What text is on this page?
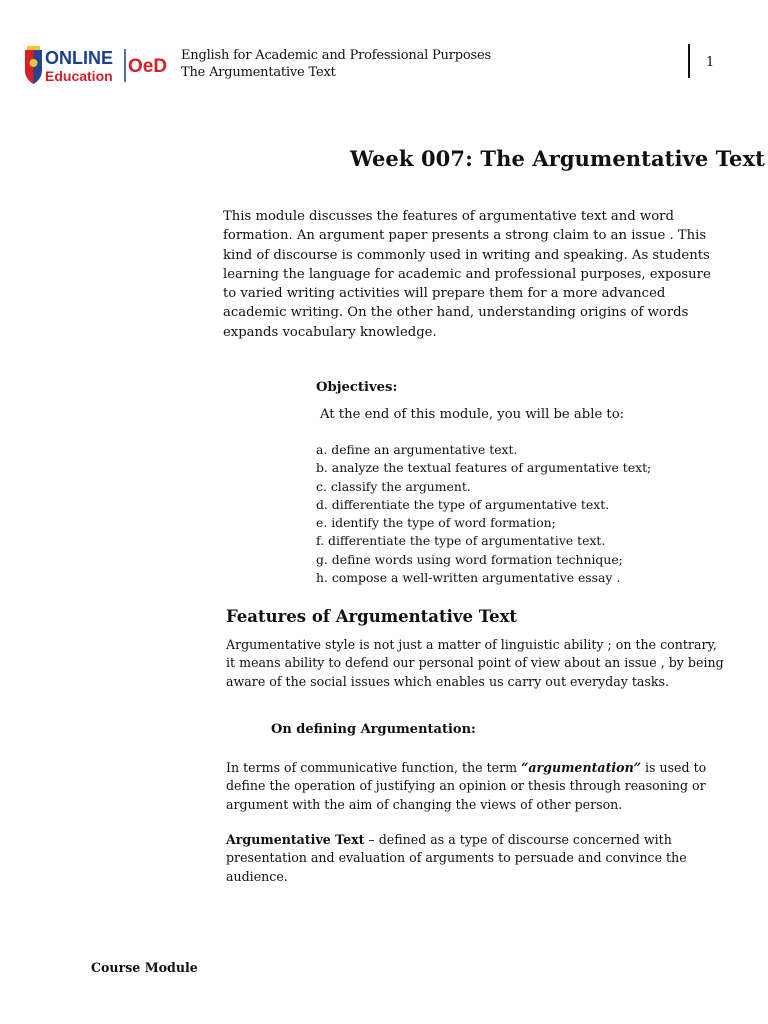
ONLINE
Education OeD
English for Academic and Professional Purposes
The Argumentative Text
1
Week 007: The Argumentative Text
This module discusses the features of argumentative text and word formation. An argument paper presents a strong claim to an issue . This kind of discourse is commonly used in writing and speaking. As students learning the language for academic and professional purposes, exposure to varied writing activities will prepare them for a more advanced academic writing. On the other hand, understanding origins of words expands vocabulary knowledge.
Objectives:
At the end of this module, you will be able to:
a. define an argumentative text.
b. analyze the textual features of argumentative text;
c. classify the argument.
d. differentiate the type of argumentative text.
e. identify the type of word formation;
f. differentiate the type of argumentative text.
g. define words using word formation technique;
h. compose a well-written argumentative essay .
Features of Argumentative Text

Argumentative style is not just a matter of linguistic ability ; on the contrary, it means ability to defend our personal point of view about an issue , by being aware of the social issues which enables us carry out everyday tasks.

On defining Argumentation:

In terms of communicative function, the term “argumentation” is used to define the operation of justifying an opinion or thesis through reasoning or argument with the aim of changing the views of other person.

Argumentative Text – defined as a type of discourse concerned with presentation and evaluation of arguments to persuade and convince the audience.

Course Module
